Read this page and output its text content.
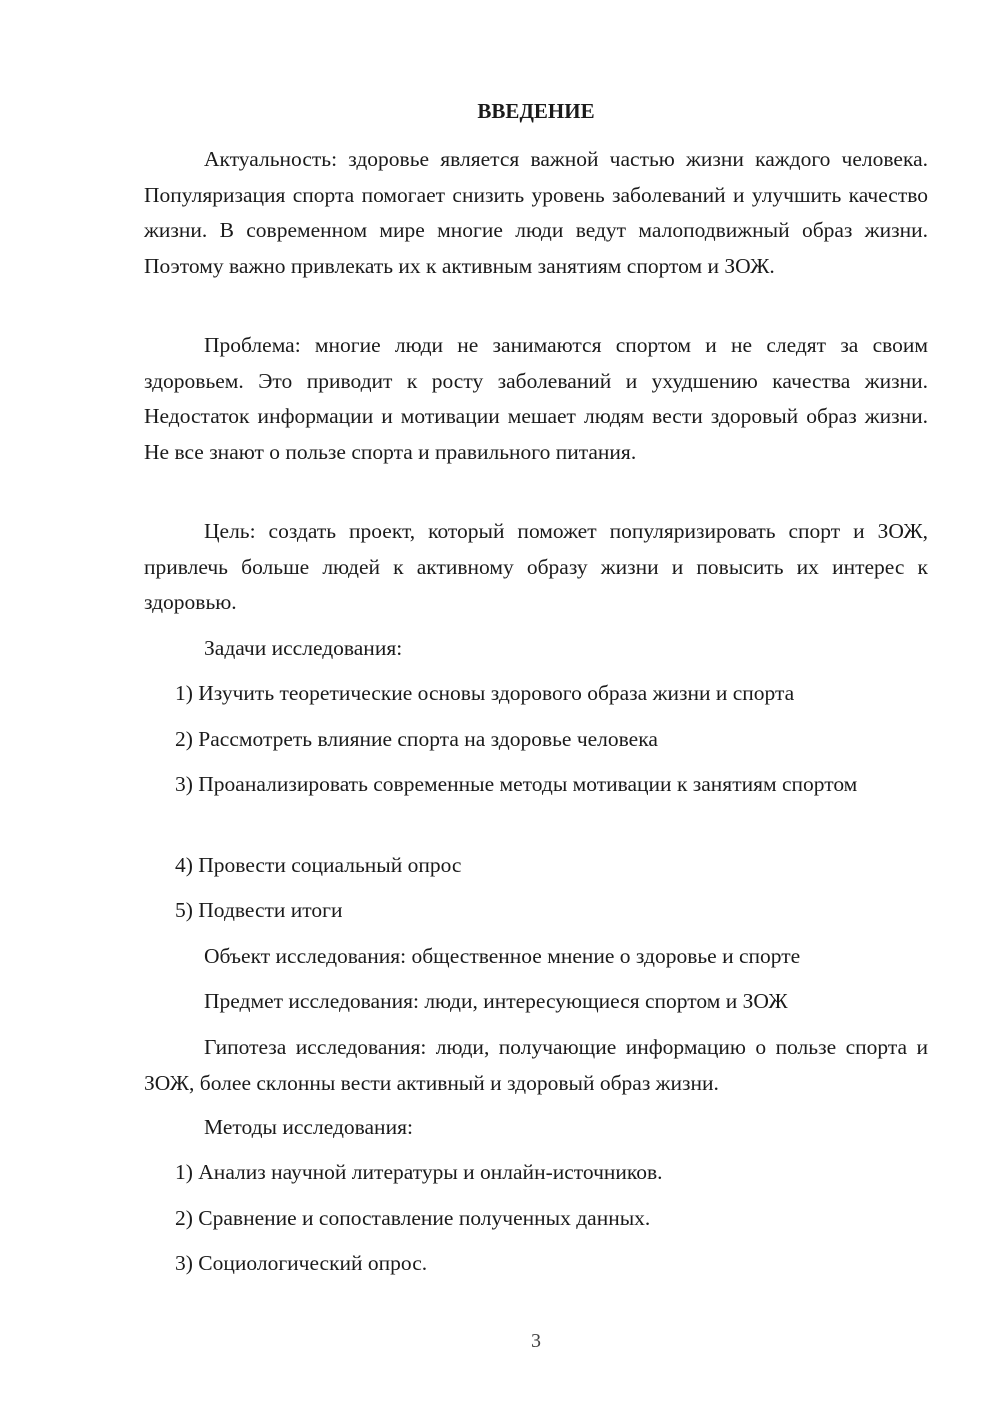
ВВЕДЕНИЕ
Актуальность: здоровье является важной частью жизни каждого человека. Популяризация спорта помогает снизить уровень заболеваний и улучшить качество жизни. В современном мире многие люди ведут малоподвижный образ жизни. Поэтому важно привлекать их к активным занятиям спортом и ЗОЖ.
Проблема: многие люди не занимаются спортом и не следят за своим здоровьем. Это приводит к росту заболеваний и ухудшению качества жизни. Недостаток информации и мотивации мешает людям вести здоровый образ жизни. Не все знают о пользе спорта и правильного питания.
Цель: создать проект, который поможет популяризировать спорт и ЗОЖ, привлечь больше людей к активному образу жизни и повысить их интерес к здоровью.
Задачи исследования:
1) Изучить теоретические основы здорового образа жизни и спорта
2) Рассмотреть влияние спорта на здоровье человека
3) Проанализировать современные методы мотивации к занятиям спортом
4) Провести социальный опрос
5) Подвести итоги
Объект исследования: общественное мнение о здоровье и спорте
Предмет исследования: люди, интересующиеся спортом и ЗОЖ
Гипотеза исследования: люди, получающие информацию о пользе спорта и ЗОЖ, более склонны вести активный и здоровый образ жизни.
Методы исследования:
1) Анализ научной литературы и онлайн-источников.
2) Сравнение и сопоставление полученных данных.
3) Социологический опрос.
3
